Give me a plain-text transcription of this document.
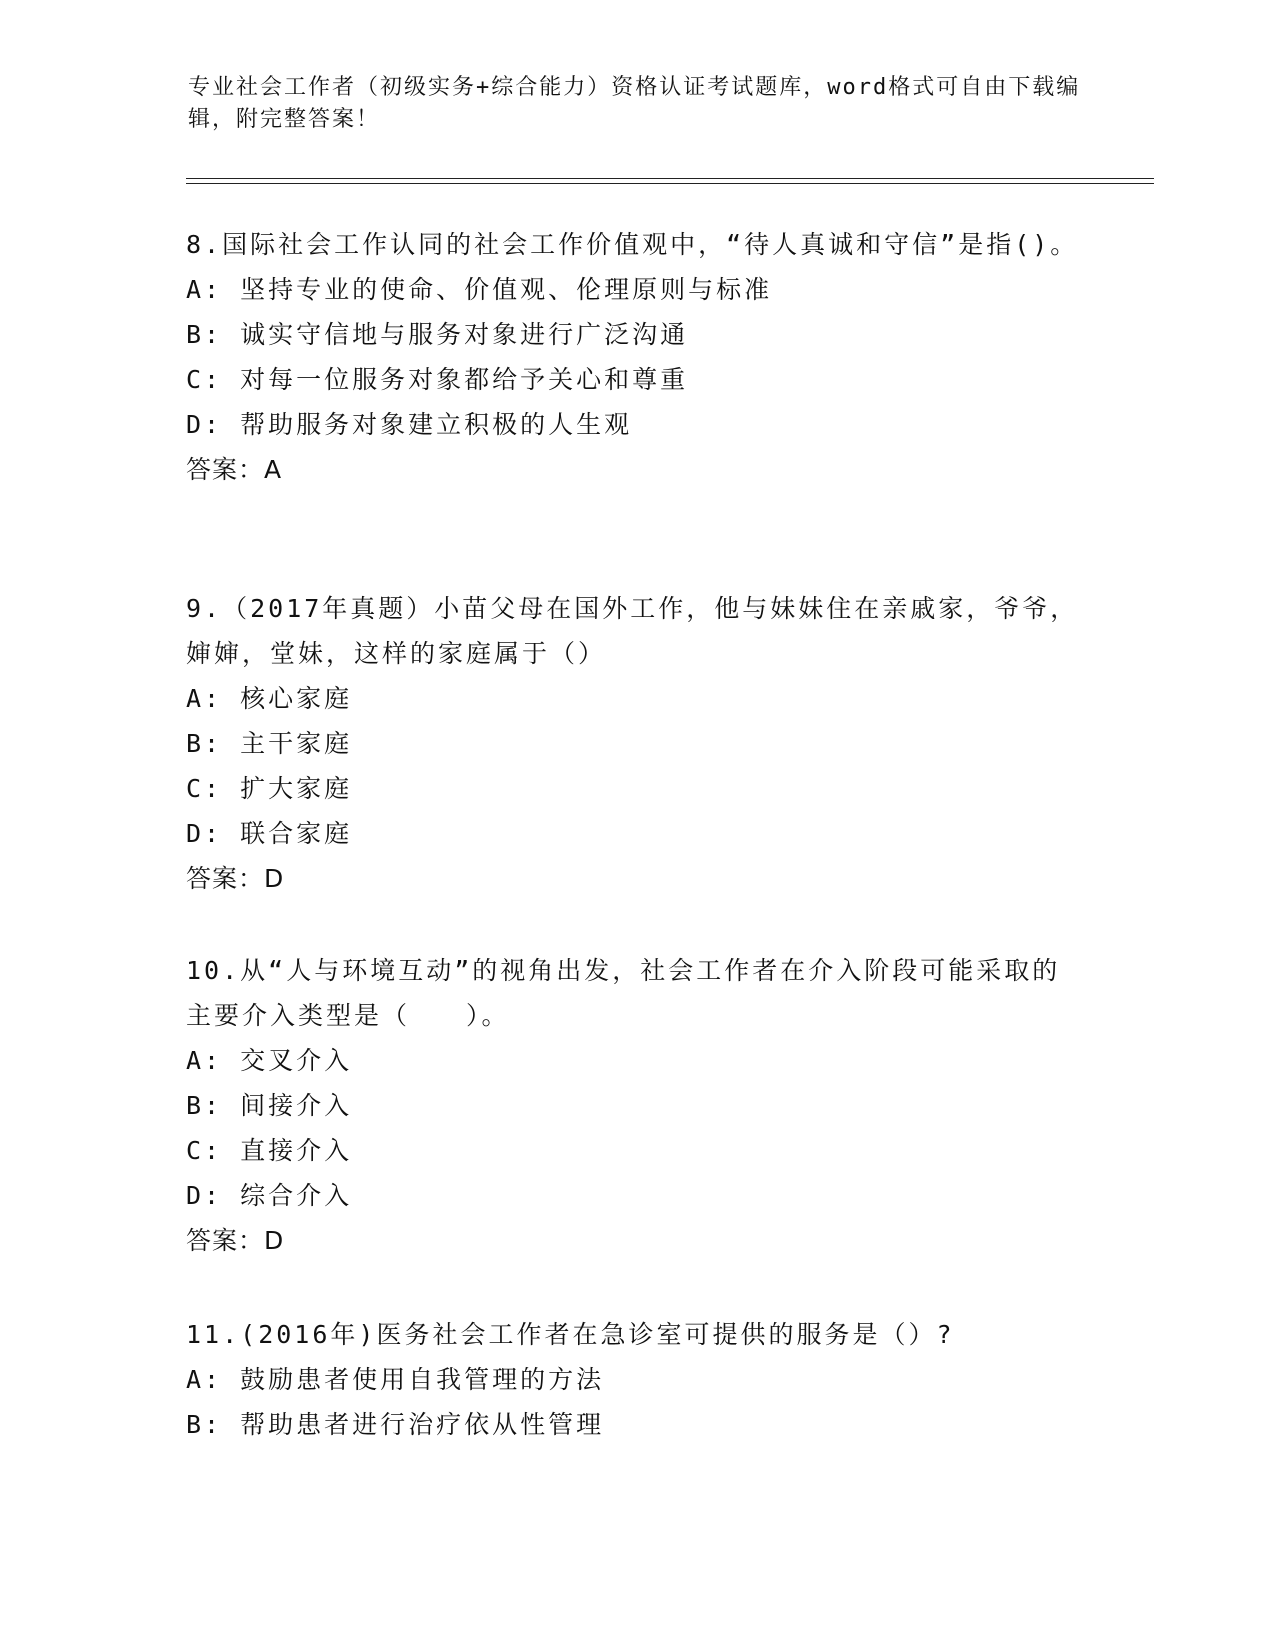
专业社会工作者（初级实务+综合能力）资格认证考试题库，word格式可自由下载编辑，附完整答案！
8.国际社会工作认同的社会工作价值观中，“待人真诚和守信”是指()。
A: 坚持专业的使命、价值观、伦理原则与标准
B: 诚实守信地与服务对象进行广泛沟通
C: 对每一位服务对象都给予关心和尊重
D: 帮助服务对象建立积极的人生观
答案：A
9.（2017年真题）小苗父母在国外工作，他与妹妹住在亲戚家，爷爷，婶婶，堂妹，这样的家庭属于（）
A: 核心家庭
B: 主干家庭
C: 扩大家庭
D: 联合家庭
答案：D
10.从“人与环境互动”的视角出发，社会工作者在介入阶段可能采取的主要介入类型是（　　）。
A: 交叉介入
B: 间接介入
C: 直接介入
D: 综合介入
答案：D
11.(2016年)医务社会工作者在急诊室可提供的服务是（）?
A: 鼓励患者使用自我管理的方法
B: 帮助患者进行治疗依从性管理
